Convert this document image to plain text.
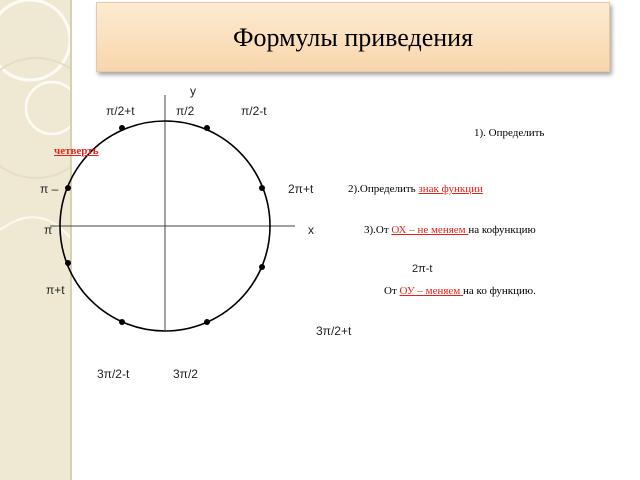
Формулы приведения
y
x
π/2+t	π/2	π/2-t
π –
π
π+t
2π+t
2π-t
3π/2+t
3π/2-t	3π/2
1). Определить
четверть
2).Определить знак функции
3).От ОХ – не меняем на кофункцию
От ОУ – меняем на ко функцию.
